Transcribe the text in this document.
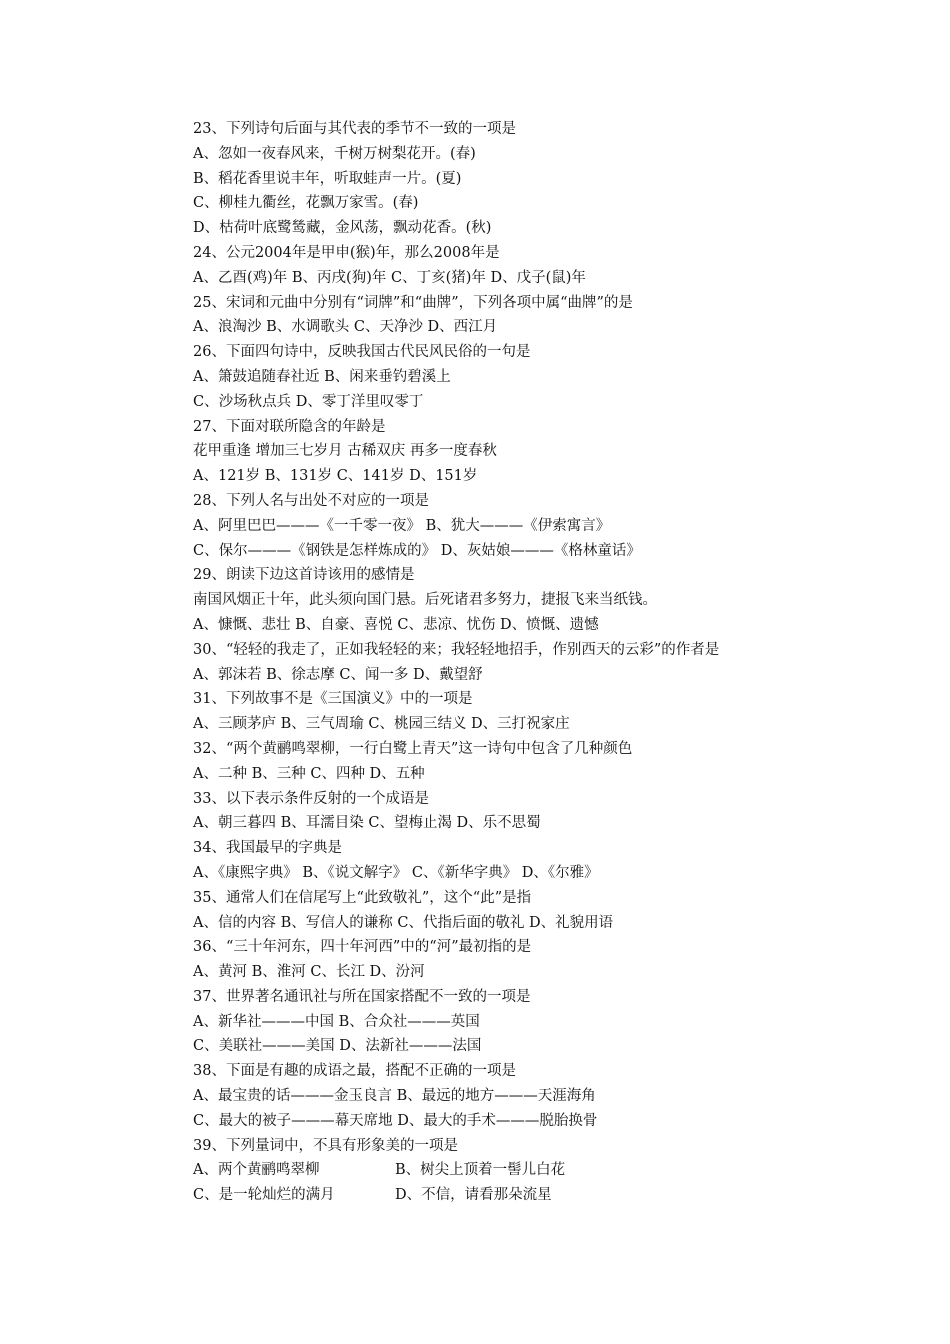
23、下列诗句后面与其代表的季节不一致的一项是
A、忽如一夜春风来，千树万树梨花开。(春)
B、稻花香里说丰年，听取蛙声一片。(夏)
C、柳桂九衢丝，花飘万家雪。(春)
D、枯荷叶底鹭鸶藏，金风荡，飘动花香。(秋)
24、公元2004年是甲申(猴)年，那么2008年是
A、乙酉(鸡)年 B、丙戌(狗)年 C、丁亥(猪)年 D、戊子(鼠)年
25、宋词和元曲中分别有“词牌”和“曲牌”，下列各项中属“曲牌”的是
A、浪淘沙 B、水调歌头 C、天净沙 D、西江月
26、下面四句诗中，反映我国古代民风民俗的一句是
A、箫鼓追随春社近 B、闲来垂钓碧溪上
C、沙场秋点兵 D、零丁洋里叹零丁
27、下面对联所隐含的年龄是
花甲重逢 增加三七岁月 古稀双庆 再多一度春秋
A、121岁 B、131岁 C、141岁 D、151岁
28、下列人名与出处不对应的一项是
A、阿里巴巴———《一千零一夜》 B、犹大———《伊索寓言》
C、保尔———《钢铁是怎样炼成的》 D、灰姑娘———《格林童话》
29、朗读下边这首诗该用的感情是
南国风烟正十年，此头须向国门悬。后死诸君多努力，捷报飞来当纸钱。
A、慷慨、悲壮 B、自豪、喜悦 C、悲凉、忧伤 D、愤慨、遗憾
30、“轻轻的我走了，正如我轻轻的来；我轻轻地招手，作别西天的云彩”的作者是
A、郭沫若 B、徐志摩 C、闻一多 D、戴望舒
31、下列故事不是《三国演义》中的一项是
A、三顾茅庐 B、三气周瑜 C、桃园三结义 D、三打祝家庄
32、“两个黄鹂鸣翠柳，一行白鹭上青天”这一诗句中包含了几种颜色
A、二种 B、三种 C、四种 D、五种
33、以下表示条件反射的一个成语是
A、朝三暮四 B、耳濡目染 C、望梅止渴 D、乐不思蜀
34、我国最早的字典是
A、《康熙字典》 B、《说文解字》 C、《新华字典》 D、《尔雅》
35、通常人们在信尾写上“此致敬礼”，这个“此”是指
A、信的内容 B、写信人的谦称 C、代指后面的敬礼 D、礼貌用语
36、“三十年河东，四十年河西”中的“河”最初指的是
A、黄河 B、淮河 C、长江 D、汾河
37、世界著名通讯社与所在国家搭配不一致的一项是
A、新华社———中国 B、合众社———英国
C、美联社———美国 D、法新社———法国
38、下面是有趣的成语之最，搭配不正确的一项是
A、最宝贵的话———金玉良言 B、最远的地方———天涯海角
C、最大的被子———幕天席地 D、最大的手术———脱胎换骨
39、下列量词中，不具有形象美的一项是
A、两个黄鹂鸣翠柳	B、树尖上顶着一髻儿白花
C、是一轮灿烂的满月	D、不信，请看那朵流星
